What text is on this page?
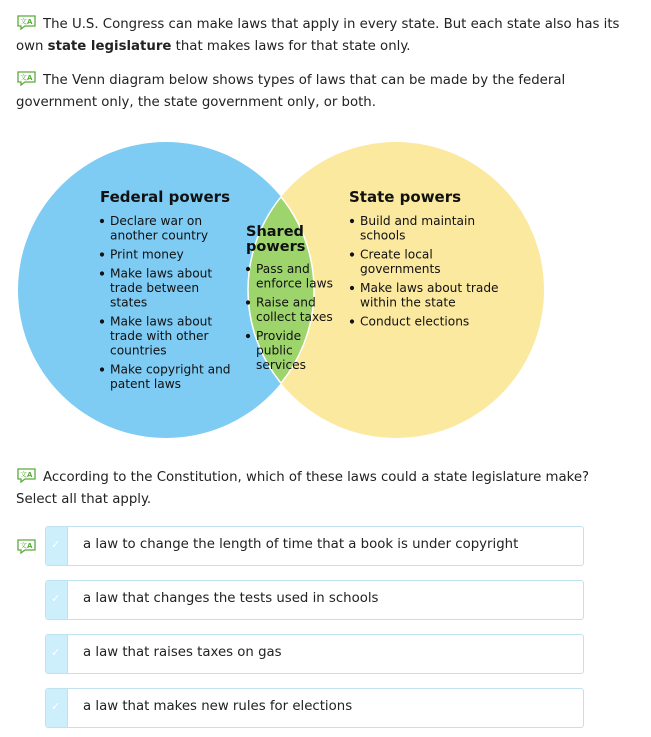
文 A The U.S. Congress can make laws that apply in every state. But each state also has its own state legislature that makes laws for that state only.
文 A The Venn diagram below shows types of laws that can be made by the federal government only, the state government only, or both.
Federal powers
Declare war on
another country
Print money
Make laws about
trade between
states
Make laws about
trade with other
countries
Make copyright and
patent laws
Shared
powers
Pass and
enforce laws
Raise and
collect taxes
Provide
public
services
State powers
Build and maintain
schools
Create local
governments
Make laws about trade
within the state
Conduct elections
文 A According to the Constitution, which of these laws could a state legislature make? Select all that apply.
文 A ✓ a law to change the length of time that a book is under copyright
✓ a law that changes the tests used in schools
✓ a law that raises taxes on gas
✓ a law that makes new rules for elections
